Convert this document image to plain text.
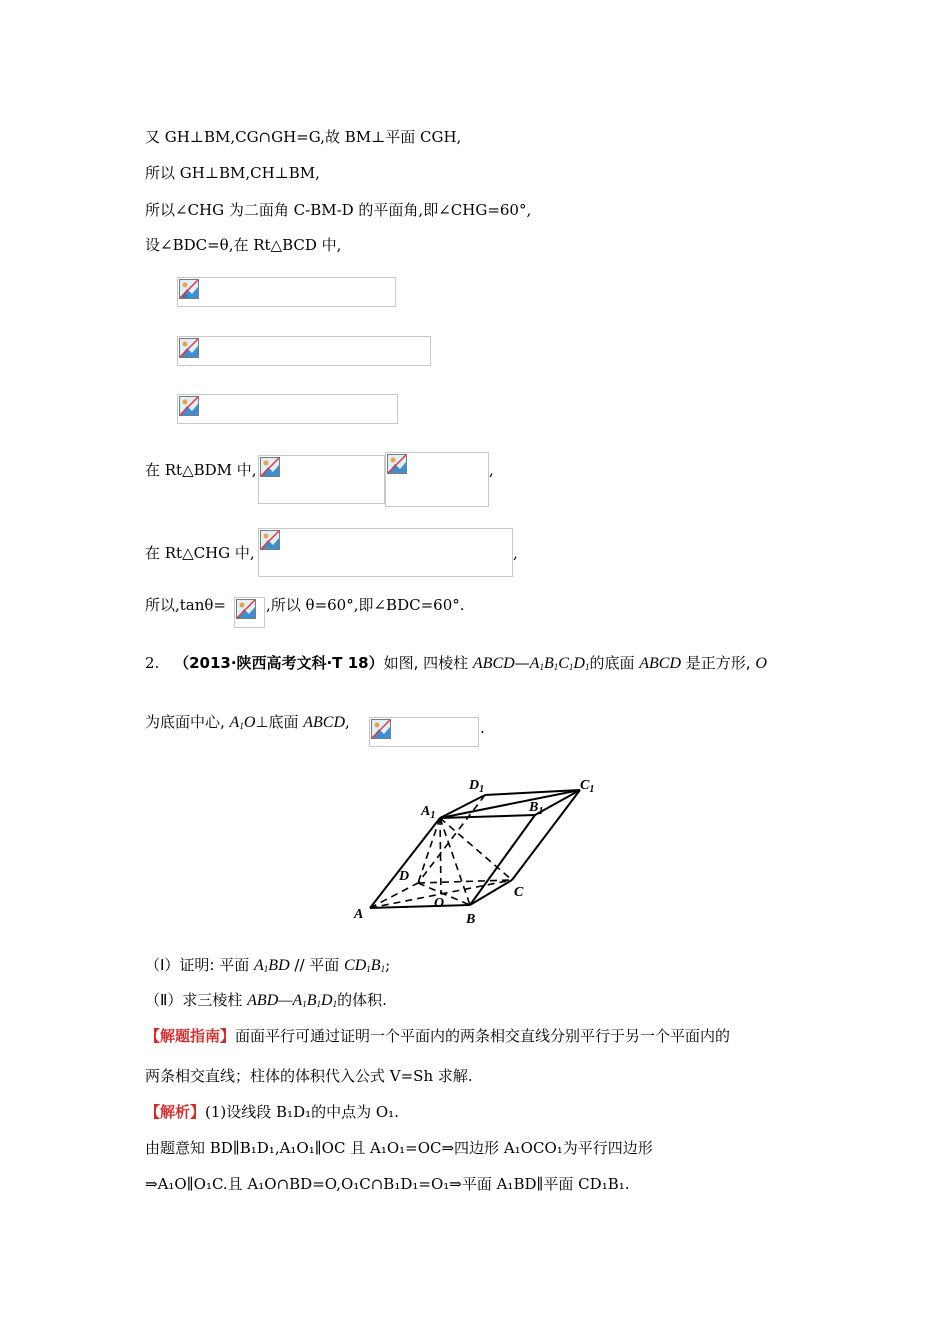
又 GH⊥BM,CG∩GH=G,故 BM⊥平面 CGH,
所以 GH⊥BM,CH⊥BM,
所以∠CHG 为二面角 C-BM-D 的平面角,即∠CHG=60°,
设∠BDC=θ,在 Rt△BCD 中,
在 Rt△BDM 中,	,
在 Rt△CHG 中,	,
所以,tanθ=	,所以 θ=60°,即∠BDC=60°.
2. （2013·陕西高考文科·T 18）如图, 四棱柱 $ABCD—A_1B_1C_1D_1$的底面 ABCD 是正方形, O
为底面中心, $A_1O\perp$底面 ABCD,	.
$D_1$	$C_1$
$A_1$
$B_1$
D
C
O
A	B
（Ⅰ）证明: 平面 $A_1BD$ // 平面 $CD_1B_1$;
（Ⅱ）求三棱柱 $ABD—A_1B_1D_1$的体积.
【解题指南】面面平行可通过证明一个平面内的两条相交直线分别平行于另一个平面内的
两条相交直线；柱体的体积代入公式 V=Sh 求解.
【解析】(1)设线段 B₁D₁的中点为 O₁.
由题意知 BD∥B₁D₁,A₁O₁∥OC 且 A₁O₁=OC⇒四边形 A₁OCO₁为平行四边形
⇒A₁O∥O₁C.且 A₁O∩BD=O,O₁C∩B₁D₁=O₁⇒平面 A₁BD∥平面 CD₁B₁.
